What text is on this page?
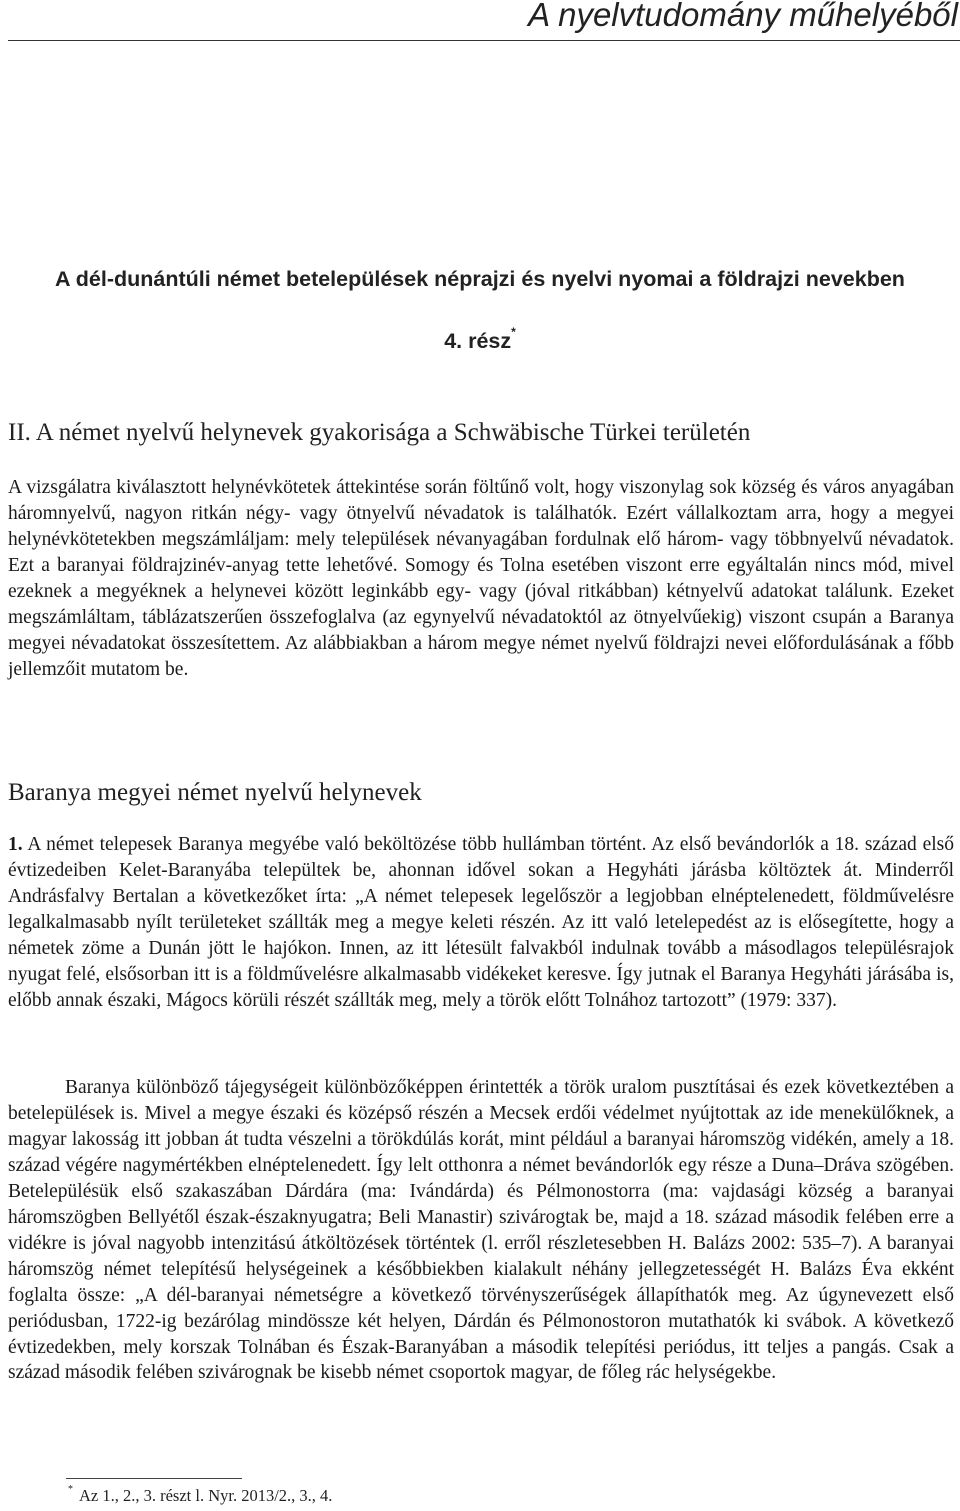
A nyelvtudomány műhelyéből
A dél-dunántúli német betelepülések néprajzi és nyelvi nyomai a földrajzi nevekben
4. rész*
II. A német nyelvű helynevek gyakorisága a Schwäbische Türkei területén
A vizsgálatra kiválasztott helynévkötetek áttekintése során föltűnő volt, hogy viszonylag sok község és város anyagában háromnyelvű, nagyon ritkán négy- vagy ötnyelvű névadatok is találhatók. Ezért vállalkoztam arra, hogy a megyei helynévkötetekben megszámláljam: mely települések névanyagában fordulnak elő három- vagy többnyelvű névadatok. Ezt a baranyai földrajzinév-anyag tette lehetővé. Somogy és Tolna esetében viszont erre egyáltalán nincs mód, mivel ezeknek a megyéknek a helynevei között leginkább egy- vagy (jóval ritkábban) kétnyelvű adatokat találunk. Ezeket megszámláltam, táblázatszerűen összefoglalva (az egynyelvű névadatoktól az ötnyelvűekig) viszont csupán a Baranya megyei névadatokat összesítettem. Az alábbiakban a három megye német nyelvű földrajzi nevei előfordulásának a főbb jellemzőit mutatom be.
Baranya megyei német nyelvű helynevek
1. A német telepesek Baranya megyébe való beköltözése több hullámban történt. Az első bevándorlók a 18. század első évtizedeiben Kelet-Baranyába települtek be, ahonnan idővel sokan a Hegyháti járásba költöztek át. Minderről Andrásfalvy Bertalan a következőket írta: „A német telepesek legelőször a legjobban elnéptelenedett, földművelésre legalkalmasabb nyílt területeket szállták meg a megye keleti részén. Az itt való letelepedést az is elősegítette, hogy a németek zöme a Dunán jött le hajókon. Innen, az itt létesült falvakból indulnak tovább a másodlagos településrajok nyugat felé, elsősorban itt is a földművelésre alkalmasabb vidékeket keresve. Így jutnak el Baranya Hegyháti járásába is, előbb annak északi, Mágocs körüli részét szállták meg, mely a török előtt Tolnához tartozott” (1979: 337).
Baranya különböző tájegységeit különbözőképpen érintették a török uralom pusztításai és ezek következtében a betelepülések is. Mivel a megye északi és középső részén a Mecsek erdői védelmet nyújtottak az ide menekülőknek, a magyar lakosság itt jobban át tudta vészelni a törökdúlás korát, mint például a baranyai háromszög vidékén, amely a 18. század végére nagymértékben elnéptelenedett. Így lelt otthonra a német bevándorlók egy része a Duna–Dráva szögében. Betelepülésük első szakaszában Dárdára (ma: Ivándárda) és Pélmonostorra (ma: vajdasági község a baranyai háromszögben Bellyétől észak-északnyugatra; Beli Manastir) szivárogtak be, majd a 18. század második felében erre a vidékre is jóval nagyobb intenzitású átköltözések történtek (l. erről részletesebben H. Balázs 2002: 535–7). A baranyai háromszög német telepítésű helységeinek a későbbiekben kialakult néhány jellegzetességét H. Balázs Éva ekként foglalta össze: „A dél-baranyai németségre a következő törvényszerűségek állapíthatók meg. Az úgynevezett első periódusban, 1722-ig bezárólag mindössze két helyen, Dárdán és Pélmonostoron mutathatók ki svábok. A következő évtizedekben, mely korszak Tolnában és Észak-Baranyában a második telepítési periódus, itt teljes a pangás. Csak a század második felében szivárognak be kisebb német csoportok magyar, de főleg rác helységekbe.
* Az 1., 2., 3. részt l. Nyr. 2013/2., 3., 4.
